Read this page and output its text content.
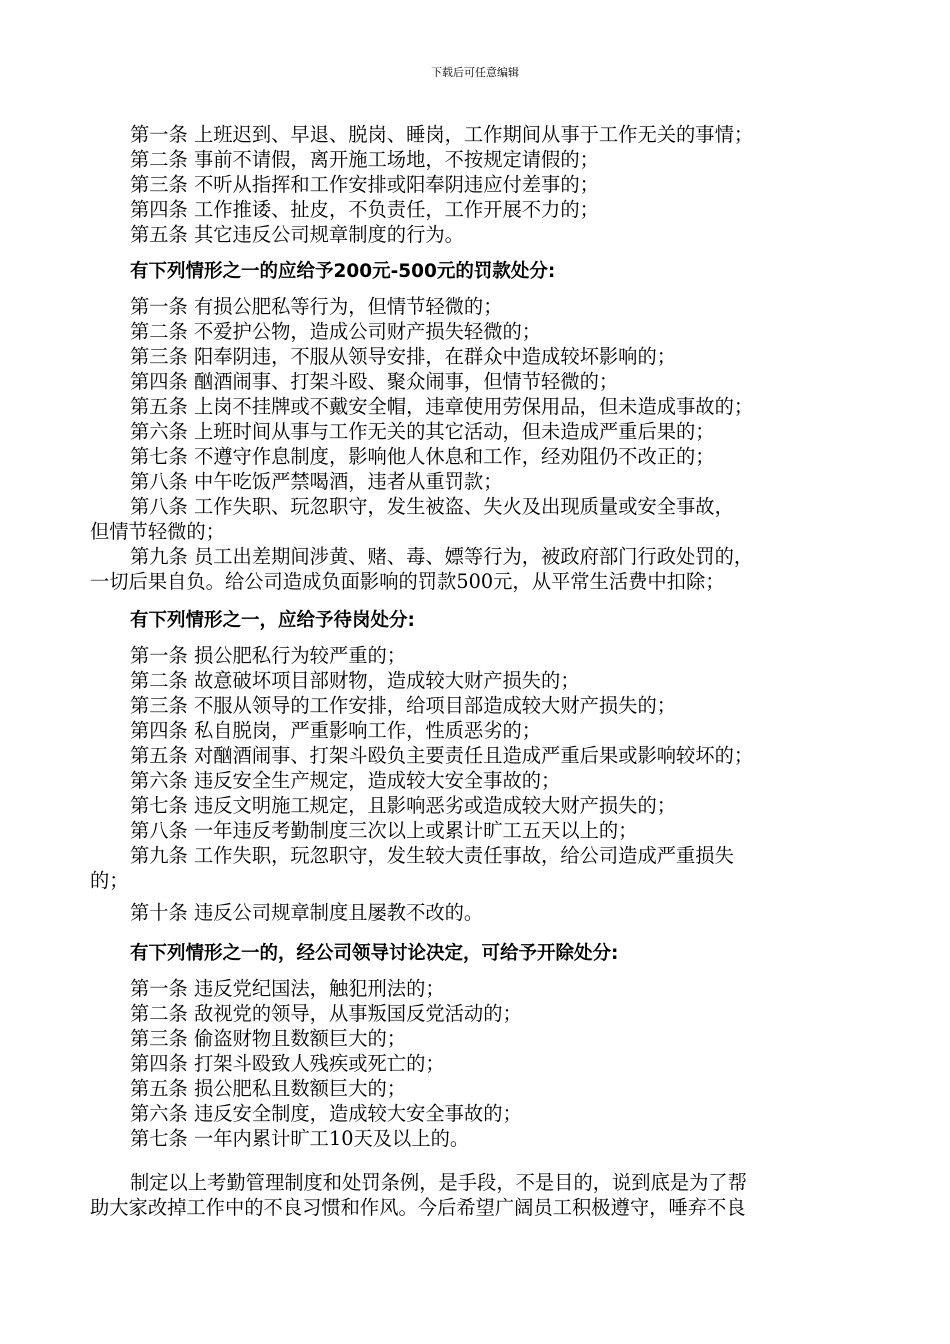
下载后可任意编辑
第一条 上班迟到、早退、脱岗、睡岗，工作期间从事于工作无关的事情；
第二条 事前不请假，离开施工场地，不按规定请假的；
第三条 不听从指挥和工作安排或阳奉阴违应付差事的；
第四条 工作推诿、扯皮，不负责任，工作开展不力的；
第五条 其它违反公司规章制度的行为。
有下列情形之一的应给予200元-500元的罚款处分:
第一条 有损公肥私等行为，但情节轻微的；
第二条 不爱护公物，造成公司财产损失轻微的；
第三条 阳奉阴违，不服从领导安排，在群众中造成较坏影响的；
第四条 酗酒闹事、打架斗殴、聚众闹事，但情节轻微的；
第五条 上岗不挂牌或不戴安全帽，违章使用劳保用品，但未造成事故的；
第六条 上班时间从事与工作无关的其它活动，但未造成严重后果的；
第七条 不遵守作息制度，影响他人休息和工作，经劝阻仍不改正的；
第八条 中午吃饭严禁喝酒，违者从重罚款；
第八条 工作失职、玩忽职守，发生被盗、失火及出现质量或安全事故，
但情节轻微的；
第九条 员工出差期间涉黄、赌、毒、嫖等行为，被政府部门行政处罚的，
一切后果自负。给公司造成负面影响的罚款500元，从平常生活费中扣除；
有下列情形之一，应给予待岗处分:
第一条 损公肥私行为较严重的；
第二条 故意破坏项目部财物，造成较大财产损失的；
第三条 不服从领导的工作安排，给项目部造成较大财产损失的；
第四条 私自脱岗，严重影响工作，性质恶劣的；
第五条 对酗酒闹事、打架斗殴负主要责任且造成严重后果或影响较坏的；
第六条 违反安全生产规定，造成较大安全事故的；
第七条 违反文明施工规定，且影响恶劣或造成较大财产损失的；
第八条 一年违反考勤制度三次以上或累计旷工五天以上的；
第九条 工作失职，玩忽职守，发生较大责任事故，给公司造成严重损失
的；
第十条 违反公司规章制度且屡教不改的。
有下列情形之一的，经公司领导讨论决定，可给予开除处分:
第一条 违反党纪国法，触犯刑法的；
第二条 敌视党的领导，从事叛国反党活动的；
第三条 偷盗财物且数额巨大的；
第四条 打架斗殴致人残疾或死亡的；
第五条 损公肥私且数额巨大的；
第六条 违反安全制度，造成较大安全事故的；
第七条 一年内累计旷工10天及以上的。
制定以上考勤管理制度和处罚条例，是手段，不是目的，说到底是为了帮
助大家改掉工作中的不良习惯和作风。今后希望广阔员工积极遵守，唾弃不良
